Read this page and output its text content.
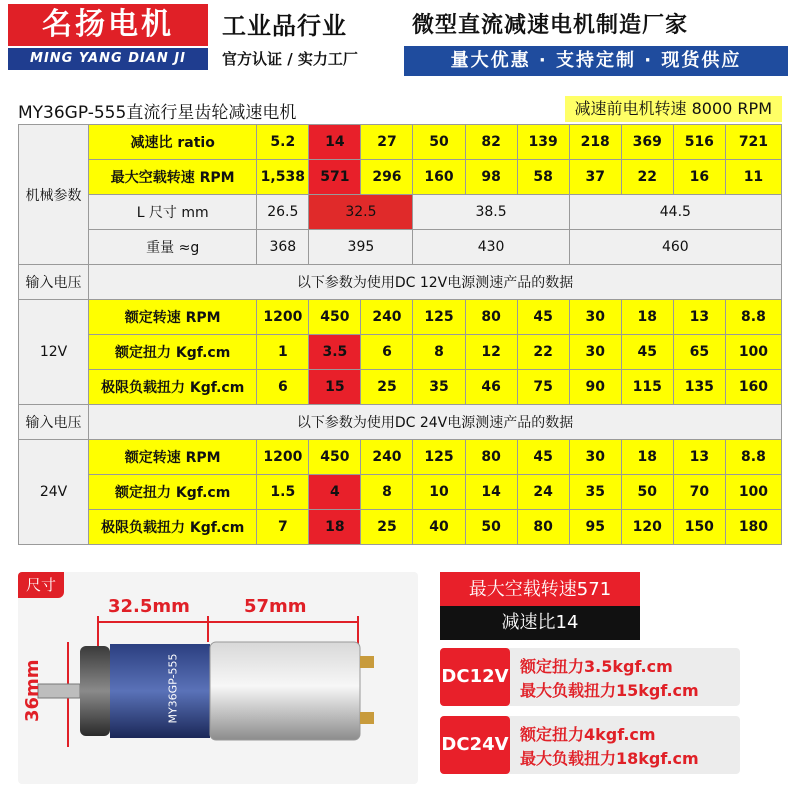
名扬电机
MING YANG DIAN JI
工业品行业
官方认证 / 实力工厂
微型直流减速电机制造厂家
量大优惠 · 支持定制 · 现货供应
MY36GP-555直流行星齿轮减速电机	减速前电机转速 8000 RPM
机械参数	减速比 ratio	5.2	14	27	50	82	139	218	369	516	721
	最大空载转速 RPM	1,538	571	296	160	98	58	37	22	16	11
	L 尺寸 mm	26.5	32.5		38.5			44.5			
	重量 ≈g	368	395		430			460			
输入电压	以下参数为使用DC 12V电源测速产品的数据										
12V	额定转速 RPM	1200	450	240	125	80	45	30	18	13	8.8
	额定扭力 Kgf.cm	1	3.5	6	8	12	22	30	45	65	100
	极限负载扭力 Kgf.cm	6	15	25	35	46	75	90	115	135	160
输入电压	以下参数为使用DC 24V电源测速产品的数据										
24V	额定转速 RPM	1200	450	240	125	80	45	30	18	13	8.8
	额定扭力 Kgf.cm	1.5	4	8	10	14	24	35	50	70	100
	极限负载扭力 Kgf.cm	7	18	25	40	50	80	95	120	150	180
尺寸
32.5mm	57mm
36mm	MY36GP-555
最大空载转速571
减速比14
DC12V 额定扭力3.5kgf.cm
最大负载扭力15kgf.cm
DC24V 额定扭力4kgf.cm
最大负载扭力18kgf.cm
